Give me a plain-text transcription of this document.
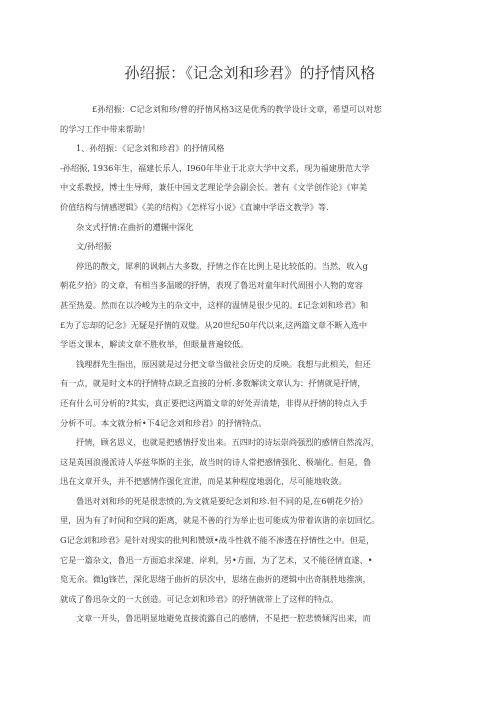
孙绍振：《记念刘和珍君》的抒情风格
£孙绍振：C记念刘和珍/曾的抒情风格3这是优秀的教学设计文章，希望可以对您
的学习工作中带来帮助！
1、孙绍振：《记念刘和珍君》的抒情风格
-孙绍振, 1936年生，福建长乐人，I960年毕业于北京大学中文系，现为福建册范大学
中文系教授，博士生导师，兼任中国文艺理论学会副会长。著有《文学创作论》《审美
价值结构与情感逻辑》《美的结构》《怎样写小说》《直谏中学语文教学》等.
杂文式抒情:在曲折的遭辗中深化
文/孙绍振
停迅的散文，犀利的讽刺占大多数，抒情之作在比例上是比较低的。当然，收入g
朝花夕拾》的文章，有相当多温暖的抒情，表现了鲁迅对童年时代周围小人物的宽容
甚至热爱。然而在以冷峻为主的杂文中，这样的温情是很少见的。£记念刘和珍君》和
£为了忘却的记念》无疑是抒情的双璧。从20世纪50年代以来,这两篇文章不断入选中
学语文课本，解读文章不胜枚举，但眼量普遍较低。
钱理群先生指出，原因就是过分把文章当做社会历史的反映。我想与此相关，但还
有一点，就是时文本的抒情特点缺乏直接的分析.多数解读文章认为：抒情就是抒情，
还有什么可分析的?其实，真正要把这两篇文章的好处弄清楚，非得从抒情的特点入手
分析不可。本文就分析•下4记念刘和珍君》的抒情特点。
抒情，顾名思义，也就是把感情抒发出来。五四时的诗坛崇尚强烈的感情自然流泻，
这是英国浪漫派诗人华兹华斯的主张，故当时的诗人常把感情强化、极端化。但是，鲁
迅在文章开头，并不把感情作强化宣泄，而是某种程度地弱化，尽可能地收敛。
鲁迅对刘和珍的死是很悲愤的,为文就是要纪念刘和珍.但不同的是,在6朝花夕拾》
里，因为有了时间和空间的距离，就是不善的行为举止也可能成为带着诙谐的亲切回忆。
G记念刘和珍君》是针对现实的批判和赞颂•战斗性就不能不渗透在抒情性之中。但是，
它是一篇杂文，鲁迅一方面追求深建、岸利，另•方面，为了艺术，又不能径情直遂、•
览无余。微lg锋芒，深化思绪于曲折的层次中，思绪在曲折的逻辑中出奇制胜地推演，
就成了鲁迅杂文的一大创造。可记念刘和珍君》的抒情就带上了这样的特点。
文章一开头，鲁迅明显地避免直接流露自己的感情，不是把一腔悲愤倾泻出来，而
